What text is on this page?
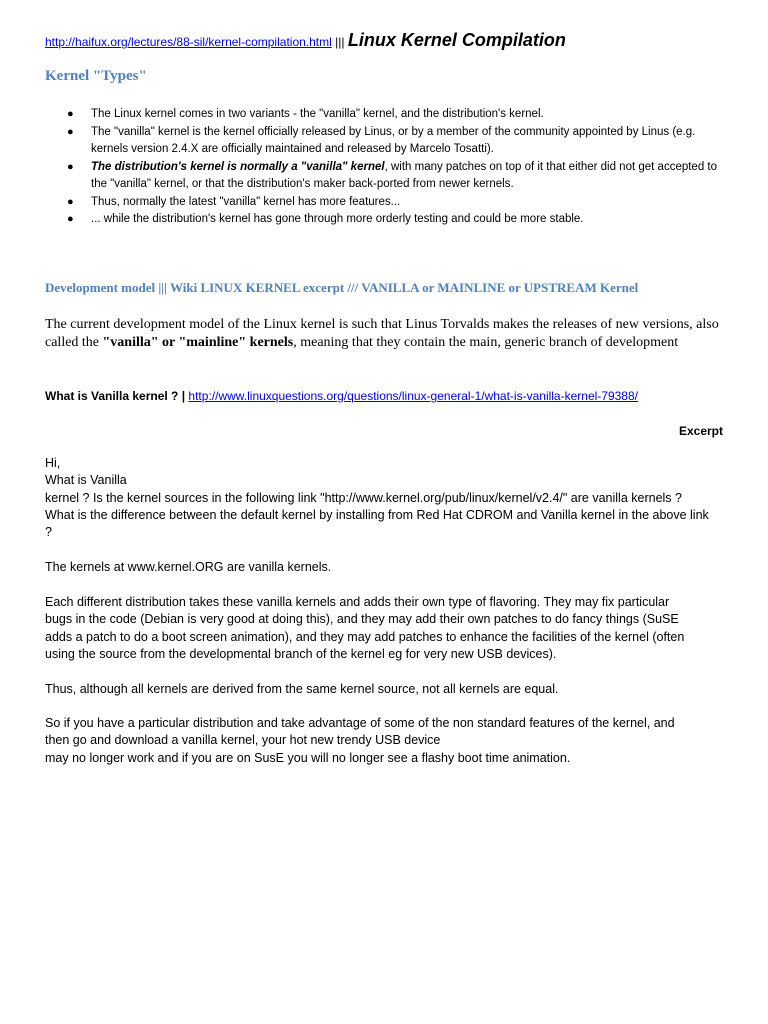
http://haifux.org/lectures/88-sil/kernel-compilation.html ||| Linux Kernel Compilation
Kernel "Types"
● The Linux kernel comes in two variants - the "vanilla" kernel, and the distribution's kernel.
● The "vanilla" kernel is the kernel officially released by Linus, or by a member of the community appointed by Linus (e.g. kernels version 2.4.X are officially maintained and released by Marcelo Tosatti).
● The distribution's kernel is normally a "vanilla" kernel, with many patches on top of it that either did not get accepted to the "vanilla" kernel, or that the distribution's maker back-ported from newer kernels.
● Thus, normally the latest "vanilla" kernel has more features...
● ... while the distribution's kernel has gone through more orderly testing and could be more stable.
Development model ||| Wiki LINUX KERNEL excerpt /// VANILLA or MAINLINE or UPSTREAM Kernel
The current development model of the Linux kernel is such that Linus Torvalds makes the releases of new versions, also called the "vanilla" or "mainline" kernels, meaning that they contain the main, generic branch of development
What is Vanilla kernel ? | http://www.linuxquestions.org/questions/linux-general-1/what-is-vanilla-kernel-79388/
Excerpt

Hi,

What is Vanilla

kernel ? Is the kernel sources in the following link "http://www.kernel.org/pub/linux/kernel/v2.4/" are vanilla kernels ?

What is the difference between the default kernel by installing from Red Hat CDROM and Vanilla kernel in the above link

?

The kernels at www.kernel.ORG are vanilla kernels.

Each different distribution takes these vanilla kernels and adds their own type of flavoring. They may fix particular

bugs in the code (Debian is very good at doing this), and they may add their own patches to do fancy things (SuSE

adds a patch to do a boot screen animation), and they may add patches to enhance the facilities of the kernel (often

using the source from the developmental branch of the kernel eg for very new USB devices).

Thus, although all kernels are derived from the same kernel source, not all kernels are equal.

So if you have a particular distribution and take advantage of some of the non standard features of the kernel, and

then go and download a vanilla kernel, your hot new trendy USB device

may no longer work and if you are on SusE you will no longer see a flashy boot time animation.
